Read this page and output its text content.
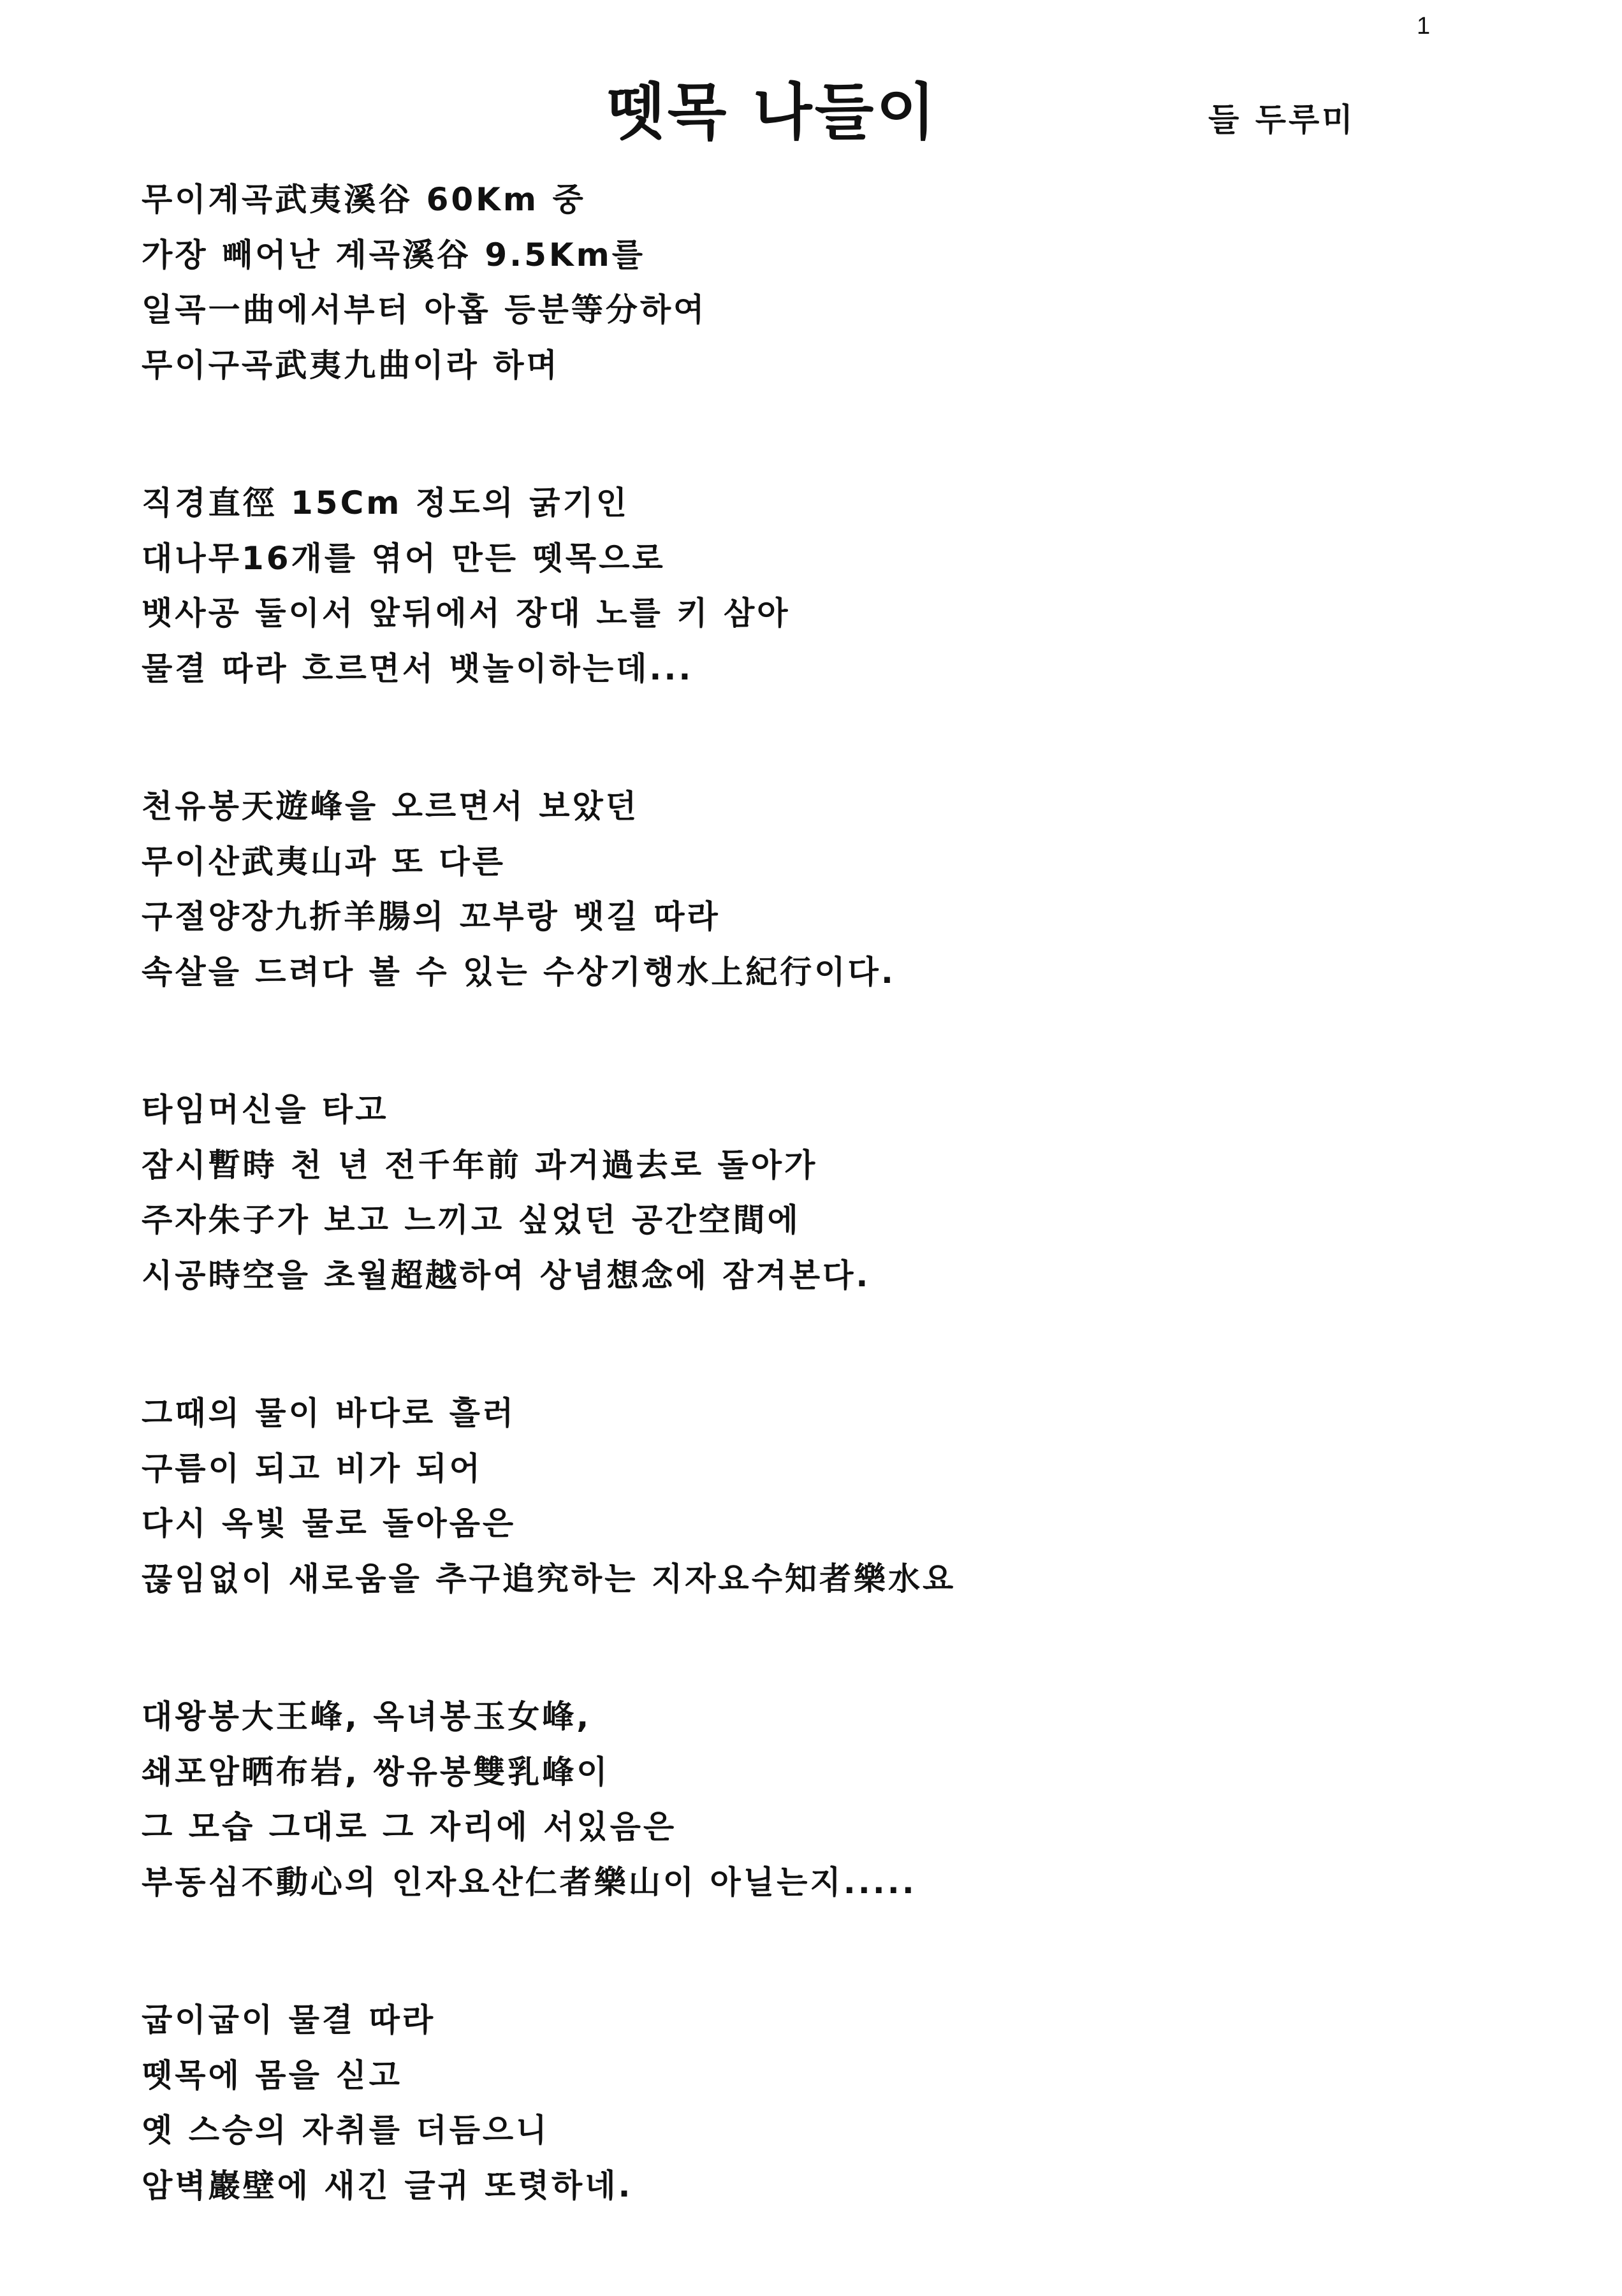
1
뗏목 나들이	들 두루미
무이계곡武夷溪谷 60Km 중
가장 빼어난 계곡溪谷 9.5Km를
일곡一曲에서부터 아홉 등분等分하여
무이구곡武夷九曲이라 하며
직경直徑 15Cm 정도의 굵기인
대나무16개를 엮어 만든 뗏목으로
뱃사공 둘이서 앞뒤에서 장대 노를 키 삼아
물결 따라 흐르면서 뱃놀이하는데...
천유봉天遊峰을 오르면서 보았던
무이산武夷山과 또 다른
구절양장九折羊腸의 꼬부랑 뱃길 따라
속살을 드려다 볼 수 있는 수상기행水上紀行이다.
타임머신을 타고
잠시暫時 천 년 전千年前 과거過去로 돌아가
주자朱子가 보고 느끼고 싶었던 공간空間에
시공時空을 초월超越하여 상념想念에 잠겨본다.
그때의 물이 바다로 흘러
구름이 되고 비가 되어
다시 옥빛 물로 돌아옴은
끊임없이 새로움을 추구追究하는 지자요수知者樂水요
대왕봉大王峰, 옥녀봉玉女峰,
쇄포암晒布岩, 쌍유봉雙乳峰이
그 모습 그대로 그 자리에 서있음은
부동심不動心의 인자요산仁者樂山이 아닐는지.....
굽이굽이 물결 따라
뗏목에 몸을 싣고
옛 스승의 자취를 더듬으니
암벽巖壁에 새긴 글귀 또렷하네.
